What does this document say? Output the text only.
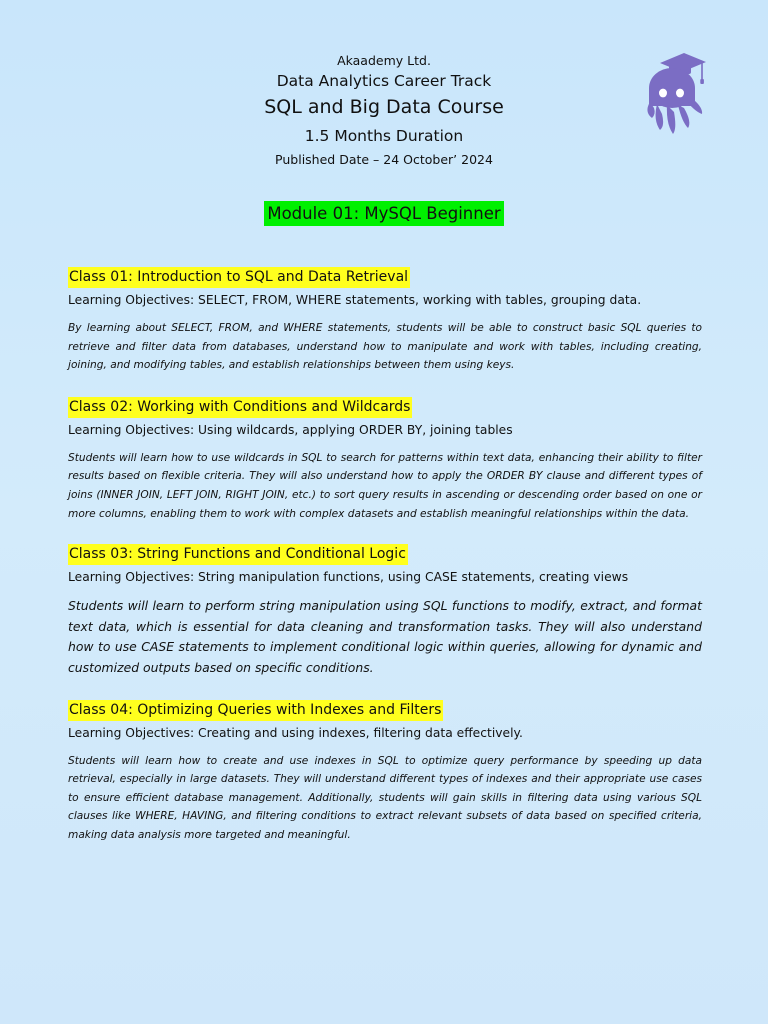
Akaademy Ltd.
Data Analytics Career Track
SQL and Big Data Course
1.5 Months Duration
Published Date – 24 October’ 2024
Module 01: MySQL Beginner
Class 01: Introduction to SQL and Data Retrieval
Learning Objectives: SELECT, FROM, WHERE statements, working with tables, grouping data.
By learning about SELECT, FROM, and WHERE statements, students will be able to construct basic SQL queries to retrieve and filter data from databases, understand how to manipulate and work with tables, including creating, joining, and modifying tables, and establish relationships between them using keys.
Class 02: Working with Conditions and Wildcards
Learning Objectives: Using wildcards, applying ORDER BY, joining tables
Students will learn how to use wildcards in SQL to search for patterns within text data, enhancing their ability to filter results based on flexible criteria. They will also understand how to apply the ORDER BY clause and different types of joins (INNER JOIN, LEFT JOIN, RIGHT JOIN, etc.) to sort query results in ascending or descending order based on one or more columns, enabling them to work with complex datasets and establish meaningful relationships within the data.
Class 03: String Functions and Conditional Logic
Learning Objectives: String manipulation functions, using CASE statements, creating views
Students will learn to perform string manipulation using SQL functions to modify, extract, and format text data, which is essential for data cleaning and transformation tasks. They will also understand how to use CASE statements to implement conditional logic within queries, allowing for dynamic and customized outputs based on specific conditions.
Class 04: Optimizing Queries with Indexes and Filters
Learning Objectives: Creating and using indexes, filtering data effectively.
Students will learn how to create and use indexes in SQL to optimize query performance by speeding up data retrieval, especially in large datasets. They will understand different types of indexes and their appropriate use cases to ensure efficient database management. Additionally, students will gain skills in filtering data using various SQL clauses like WHERE, HAVING, and filtering conditions to extract relevant subsets of data based on specified criteria, making data analysis more targeted and meaningful.
